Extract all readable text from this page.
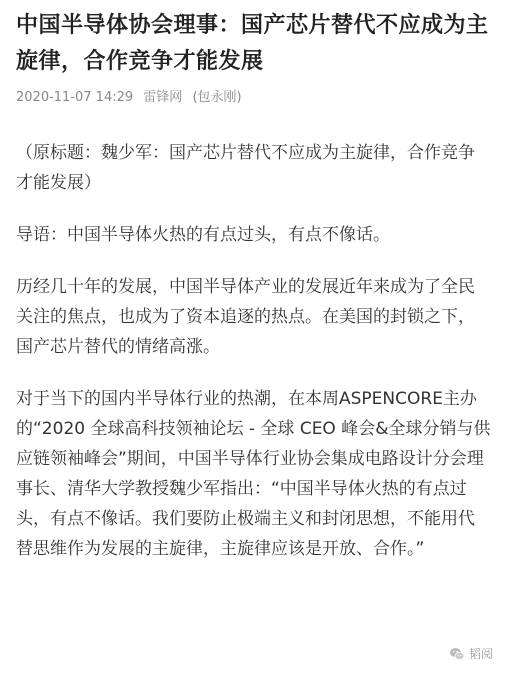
中国半导体协会理事：国产芯片替代不应成为主旋律，合作竞争才能发展
2020-11-07 14:29 雷锋网 (包永刚)

（原标题：魏少军：国产芯片替代不应成为主旋律，合作竞争才能发展）

导语：中国半导体火热的有点过头，有点不像话。

历经几十年的发展，中国半导体产业的发展近年来成为了全民关注的焦点，也成为了资本追逐的热点。在美国的封锁之下，国产芯片替代的情绪高涨。

对于当下的国内半导体行业的热潮，在本周ASPENCORE主办的“2020 全球高科技领袖论坛 - 全球 CEO 峰会&全球分销与供应链领袖峰会”期间，中国半导体行业协会集成电路设计分会理事长、清华大学教授魏少军指出：“中国半导体火热的有点过头，有点不像话。我们要防止极端主义和封闭思想，不能用代替思维作为发展的主旋律，主旋律应该是开放、合作。”

韬阅
